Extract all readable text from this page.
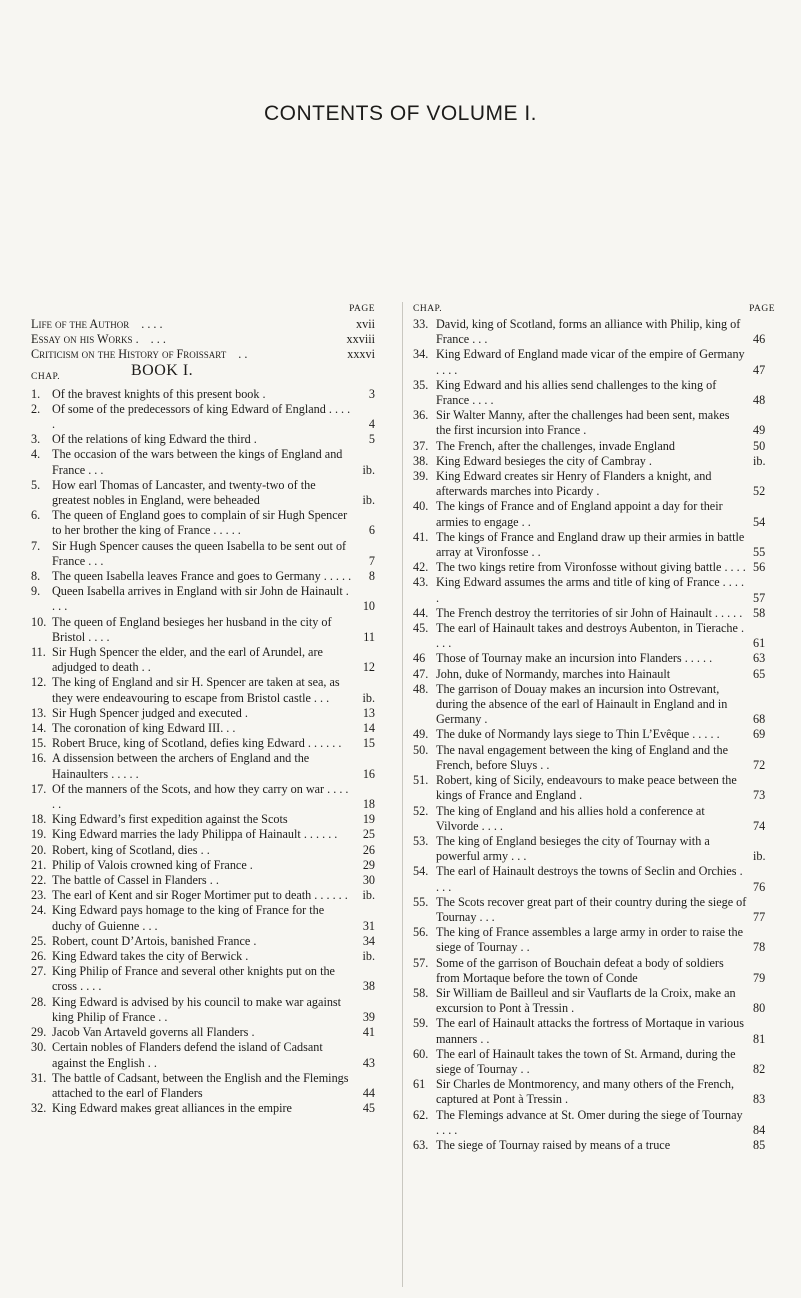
CONTENTS OF VOLUME I.
PAGE
Life of the Author . . . .	xvii
Essay on his Works . . . .	xxviii
Criticism on the History of Froissart . .	xxxvi
CHAP.	BOOK I.
1. Of the bravest knights of this present book .	3
2. Of some of the predecessors of king Edward of England . . . . .	4
3. Of the relations of king Edward the third .	5
4. The occasion of the wars between the kings of England and France . . .	ib.
5. How earl Thomas of Lancaster, and twenty-two of the greatest nobles in England, were beheaded	ib.
6. The queen of England goes to complain of sir Hugh Spencer to her brother the king of France . . . . .	6
7. Sir Hugh Spencer causes the queen Isabella to be sent out of France . . .	7
8. The queen Isabella leaves France and goes to Germany . . . . .	8
9. Queen Isabella arrives in England with sir John de Hainault . . . .	10
10. The queen of England besieges her husband in the city of Bristol . . . .	11
11. Sir Hugh Spencer the elder, and the earl of Arundel, are adjudged to death . .	12
12. The king of England and sir H. Spencer are taken at sea, as they were endeavouring to escape from Bristol castle . . .	ib.
13. Sir Hugh Spencer judged and executed .	13
14. The coronation of king Edward III. . .	14
15. Robert Bruce, king of Scotland, defies king Edward . . . . . .	15
16. A dissension between the archers of England and the Hainaulters . . . . .	16
17. Of the manners of the Scots, and how they carry on war . . . . . .	18
18. King Edward’s first expedition against the Scots	19
19. King Edward marries the lady Philippa of Hainault . . . . . .	25
20. Robert, king of Scotland, dies . .	26
21. Philip of Valois crowned king of France .	29
22. The battle of Cassel in Flanders . .	30
23. The earl of Kent and sir Roger Mortimer put to death . . . . . .	ib.
24. King Edward pays homage to the king of France for the duchy of Guienne . . .	31
25. Robert, count D’Artois, banished France .	34
26. King Edward takes the city of Berwick .	ib.
27. King Philip of France and several other knights put on the cross . . . .	38
28. King Edward is advised by his council to make war against king Philip of France . .	39
29. Jacob Van Artaveld governs all Flanders .	41
30. Certain nobles of Flanders defend the island of Cadsant against the English . .	43
31. The battle of Cadsant, between the English and the Flemings attached to the earl of Flanders	44
32. King Edward makes great alliances in the empire	45
CHAP.	PAGE
33. David, king of Scotland, forms an alliance with Philip, king of France . . .	46
34. King Edward of England made vicar of the empire of Germany . . . .	47
35. King Edward and his allies send challenges to the king of France . . . .	48
36. Sir Walter Manny, after the challenges had been sent, makes the first incursion into France .	49
37. The French, after the challenges, invade England	50
38. King Edward besieges the city of Cambray .	ib.
39. King Edward creates sir Henry of Flanders a knight, and afterwards marches into Picardy .	52
40. The kings of France and of England appoint a day for their armies to engage . .	54
41. The kings of France and England draw up their armies in battle array at Vironfosse . .	55
42. The two kings retire from Vironfosse without giving battle . . . . 56
43. King Edward assumes the arms and title of king of France . . . . .	57
44. The French destroy the territories of sir John of Hainault . . . . . 58
45. The earl of Hainault takes and destroys Aubenton, in Tierache . . . .	61
46 Those of Tournay make an incursion into Flanders . . . . .	63
47. John, duke of Normandy, marches into Hainault	65
48. The garrison of Douay makes an incursion into Ostrevant, during the absence of the earl of Hainault in England and in Germany .	68
49. The duke of Normandy lays siege to Thin L’Evêque . . . . .	69
50. The naval engagement between the king of England and the French, before Sluys . .	72
51. Robert, king of Sicily, endeavours to make peace between the kings of France and England .	73
52. The king of England and his allies hold a conference at Vilvorde . . . .	74
53. The king of England besieges the city of Tournay with a powerful army . . .	ib.
54. The earl of Hainault destroys the towns of Seclin and Orchies . . . .	76
55. The Scots recover great part of their country during the siege of Tournay . . .	77
56. The king of France assembles a large army in order to raise the siege of Tournay . .	78
57. Some of the garrison of Bouchain defeat a body of soldiers from Mortaque before the town of Conde	79
58. Sir William de Bailleul and sir Vauflarts de la Croix, make an excursion to Pont à Tressin .	80
59. The earl of Hainault attacks the fortress of Mortaque in various manners . .	81
60. The earl of Hainault takes the town of St. Armand, during the siege of Tournay . .	82
61 Sir Charles de Montmorency, and many others of the French, captured at Pont à Tressin .	83
62. The Flemings advance at St. Omer during the siege of Tournay . . . .	84
63. The siege of Tournay raised by means of a truce	85
